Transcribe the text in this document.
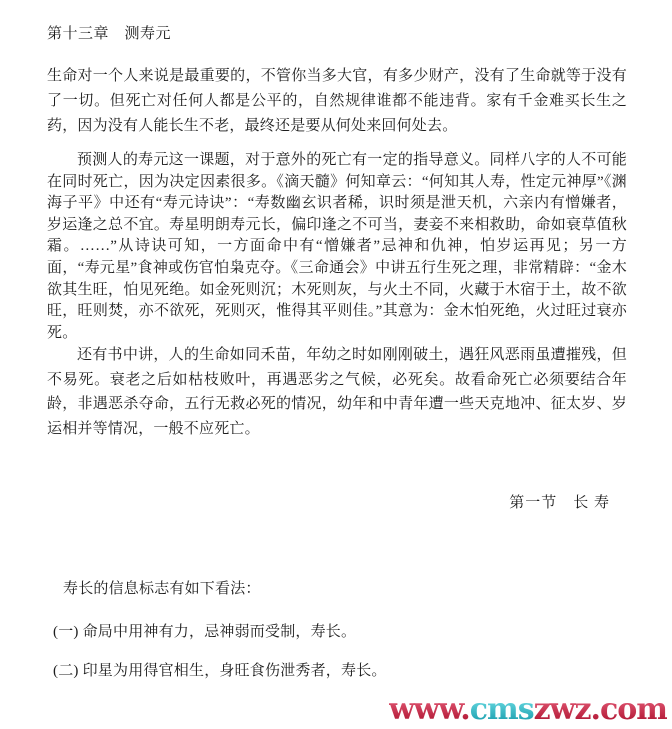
第十三章　测寿元
生命对一个人来说是最重要的，不管你当多大官，有多少财产，没有了生命就等于没有了一切。但死亡对任何人都是公平的，自然规律谁都不能违背。家有千金难买长生之药，因为没有人能长生不老，最终还是要从何处来回何处去。
预测人的寿元这一课题，对于意外的死亡有一定的指导意义。同样八字的人不可能在同时死亡，因为决定因素很多。《滴天髓》何知章云：“何知其人寿，性定元神厚”《渊海子平》中还有“寿元诗诀”：“寿数幽玄识者稀，识时须是泄天机，六亲内有憎嫌者，岁运逢之总不宜。寿星明朗寿元长，偏印逢之不可当，妻妾不来相救助，命如衰草值秋霜。……”从诗诀可知，一方面命中有“憎嫌者”忌神和仇神，怕岁运再见；另一方面，“寿元星”食神或伤官怕枭克夺。《三命通会》中讲五行生死之理，非常精辟：“金木欲其生旺，怕见死绝。如金死则沉；木死则灰，与火土不同，火藏于木宿于土，故不欲旺，旺则焚，亦不欲死，死则灭，惟得其平则佳。”其意为：金木怕死绝，火过旺过衰亦死。
还有书中讲，人的生命如同禾苗，年幼之时如刚刚破土，遇狂风恶雨虽遭摧残，但不易死。衰老之后如枯枝败叶，再遇恶劣之气候，必死矣。故看命死亡必须要结合年龄，非遇恶杀夺命，五行无救必死的情况，幼年和中青年遭一些天克地冲、征太岁、岁运相并等情况，一般不应死亡。
第一节　长 寿
寿长的信息标志有如下看法：
(一) 命局中用神有力，忌神弱而受制，寿长。
(二) 印星为用得官相生，身旺食伤泄秀者，寿长。
www.cmszwz.com
